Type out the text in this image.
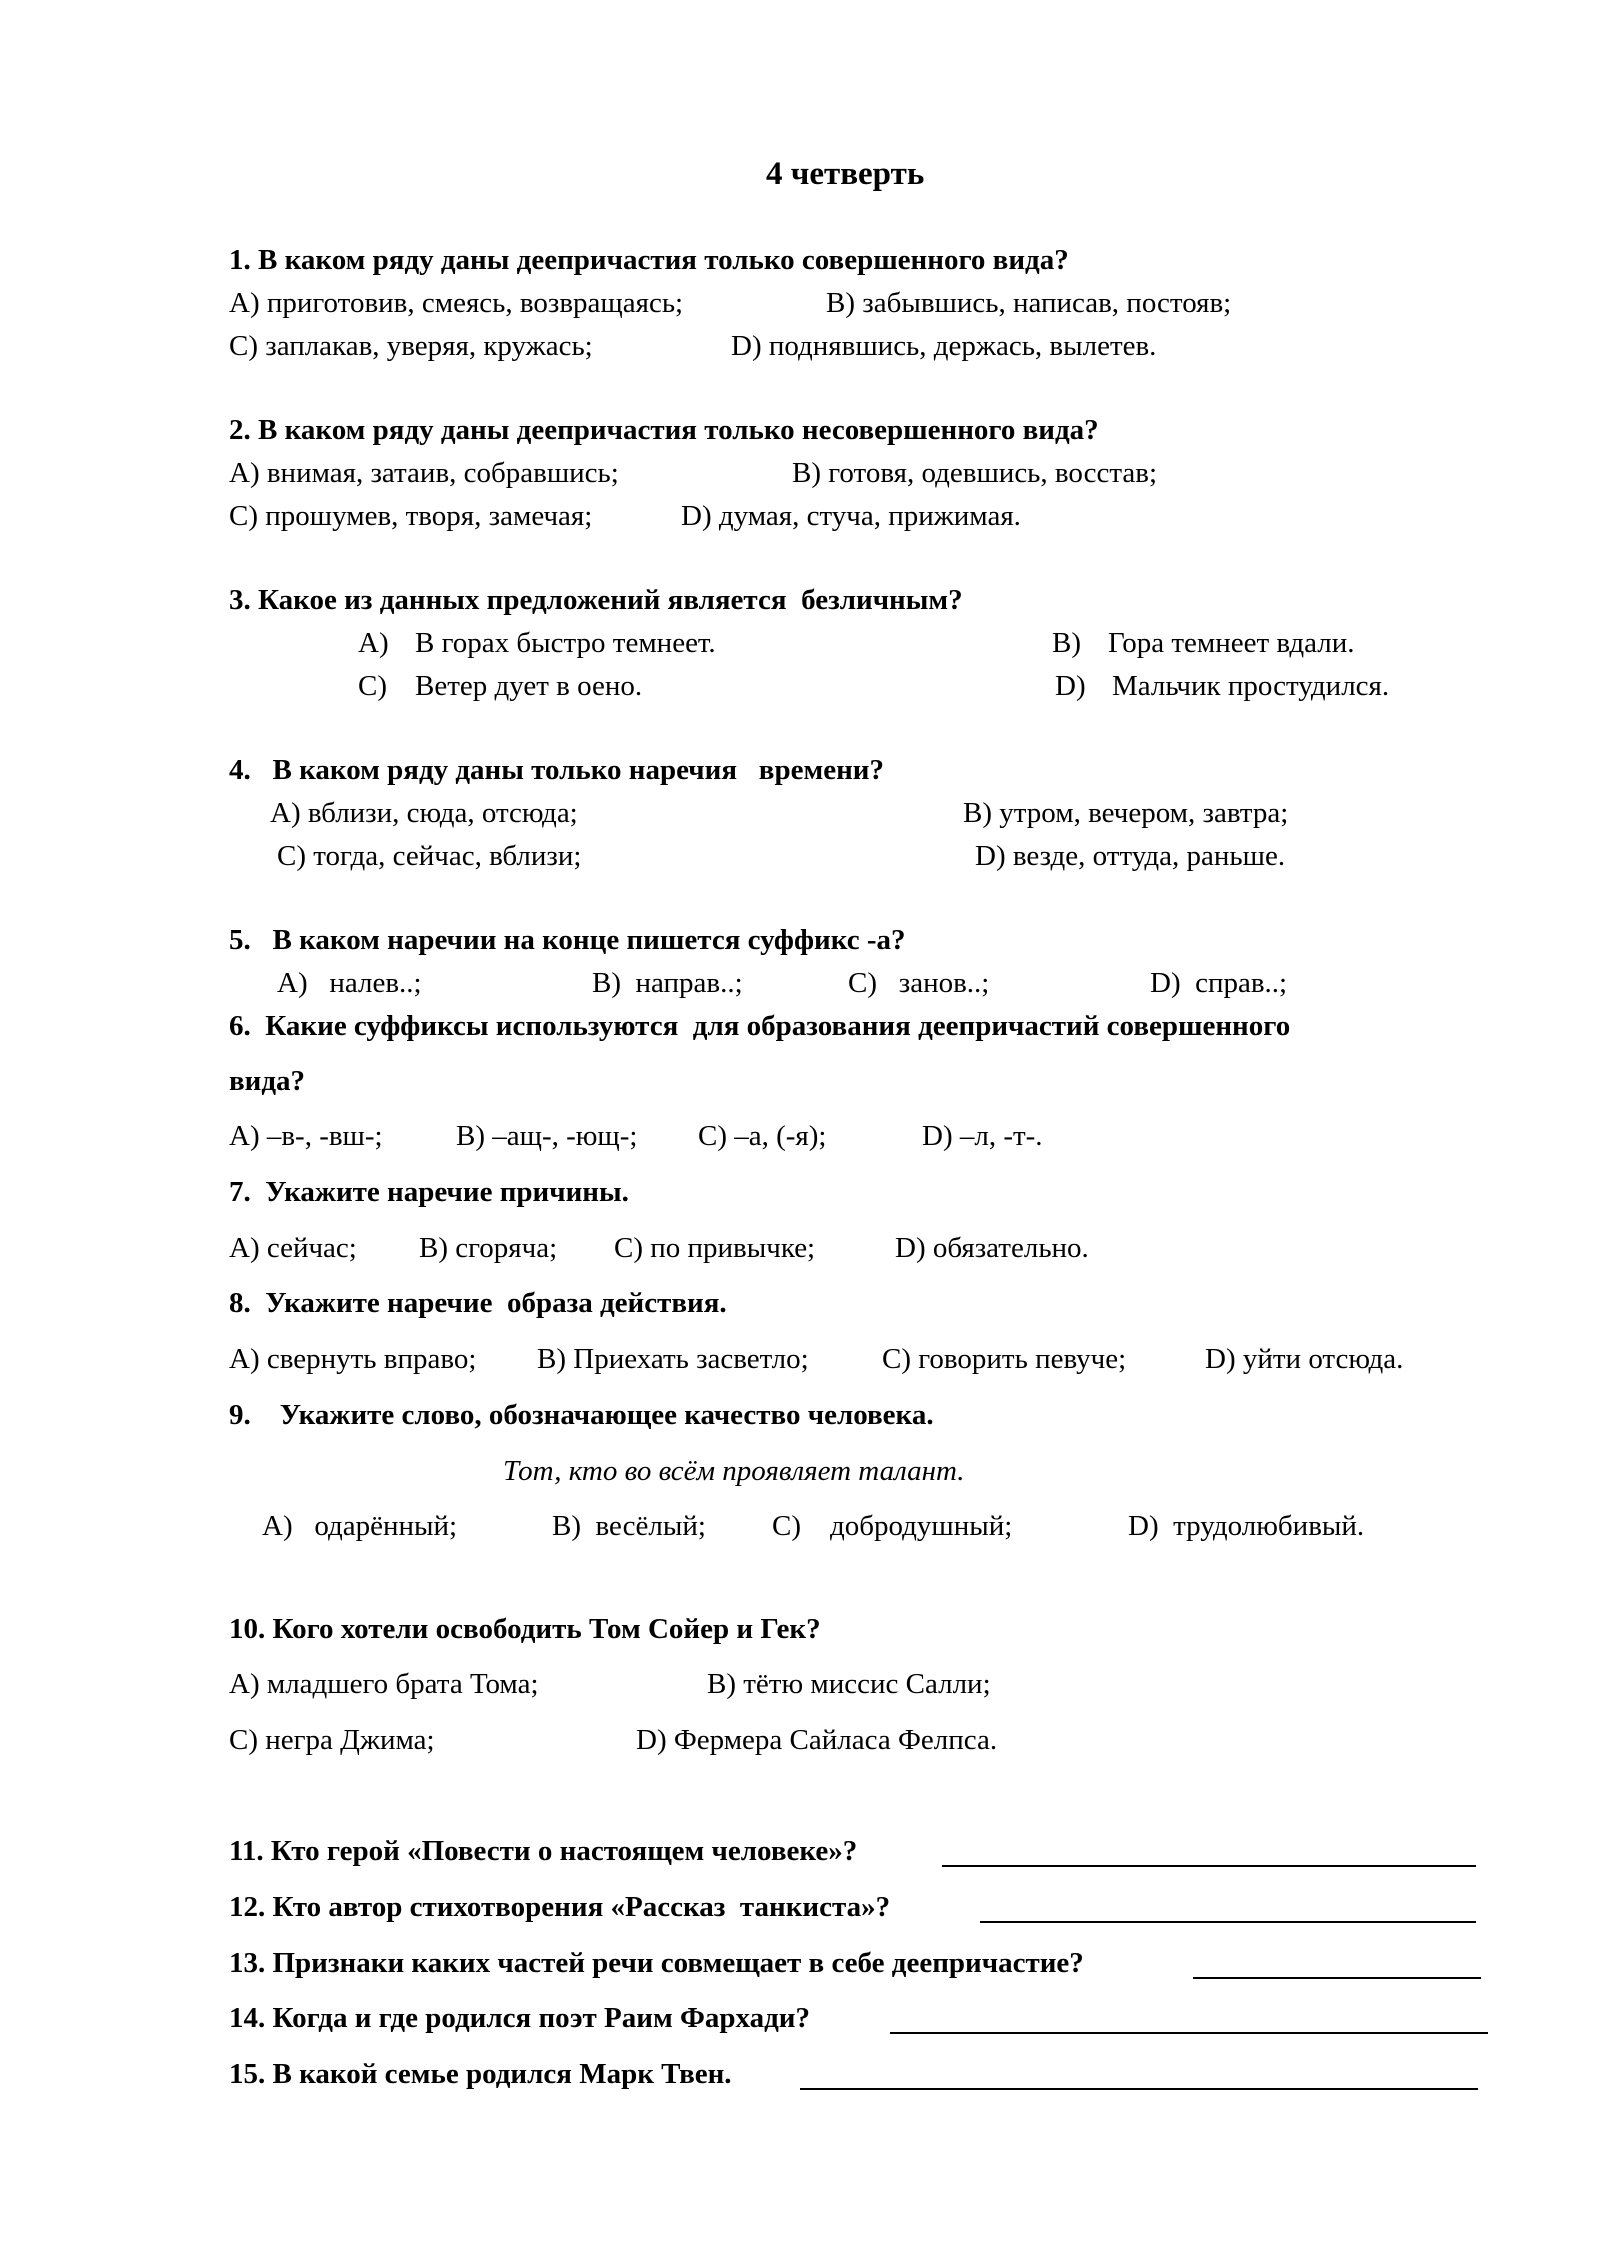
4 четверть
1. В каком ряду даны деепричастия только совершенного вида?
А) приготовив, смеясь, возвращаясь;	В) забывшись, написав, постояв;
С) заплакав, уверяя, кружась;	D) поднявшись, держась, вылетев.
2. В каком ряду даны деепричастия только несовершенного вида?
А) внимая, затаив, собравшись;	В) готовя, одевшись, восстав;
С) прошумев, творя, замечая;	D) думая, стуча, прижимая.
3. Какое из данных предложений является  безличным?
А) В горах быстро темнеет.	В) Гора темнеет вдали.
С) Ветер дует в оено.	D) Мальчик простудился.
4.   В каком ряду даны только наречия   времени?
А) вблизи, сюда, отсюда;	В) утром, вечером, завтра;
С) тогда, сейчас, вблизи;	D) везде, оттуда, раньше.
5.   В каком наречии на конце пишется суффикс -а?
А)   налев..;	В)  направ..;	С)   занов..;	D)  справ..;
6.  Какие суффиксы используются  для образования деепричастий совершенного
вида?
А) –в-, -вш-;	В) –ащ-, -ющ-; С) –а, (-я);	D) –л, -т-.
7.  Укажите наречие причины.
А) сейчас; В) сгоряча; С) по привычке;	D) обязательно.
8.  Укажите наречие  образа действия.
А) свернуть вправо; В) Приехать засветло;	С) говорить певуче;	D) уйти отсюда.
9.    Укажите слово, обозначающее качество человека.
Тот, кто во всём проявляет талант.
А)   одарённый;	В)  весёлый; С)    добродушный;	D)  трудолюбивый.
10. Кого хотели освободить Том Сойер и Гек?
А) младшего брата Тома;	В) тётю миссис Салли;
С) негра Джима;	D) Фермера Сайласа Фелпса.
11. Кто герой «Повести о настоящем человеке»?
12. Кто автор стихотворения «Рассказ  танкиста»?
13. Признаки каких частей речи совмещает в себе деепричастие?
14. Когда и где родился поэт Раим Фархади?
15. В какой семье родился Марк Твен.
